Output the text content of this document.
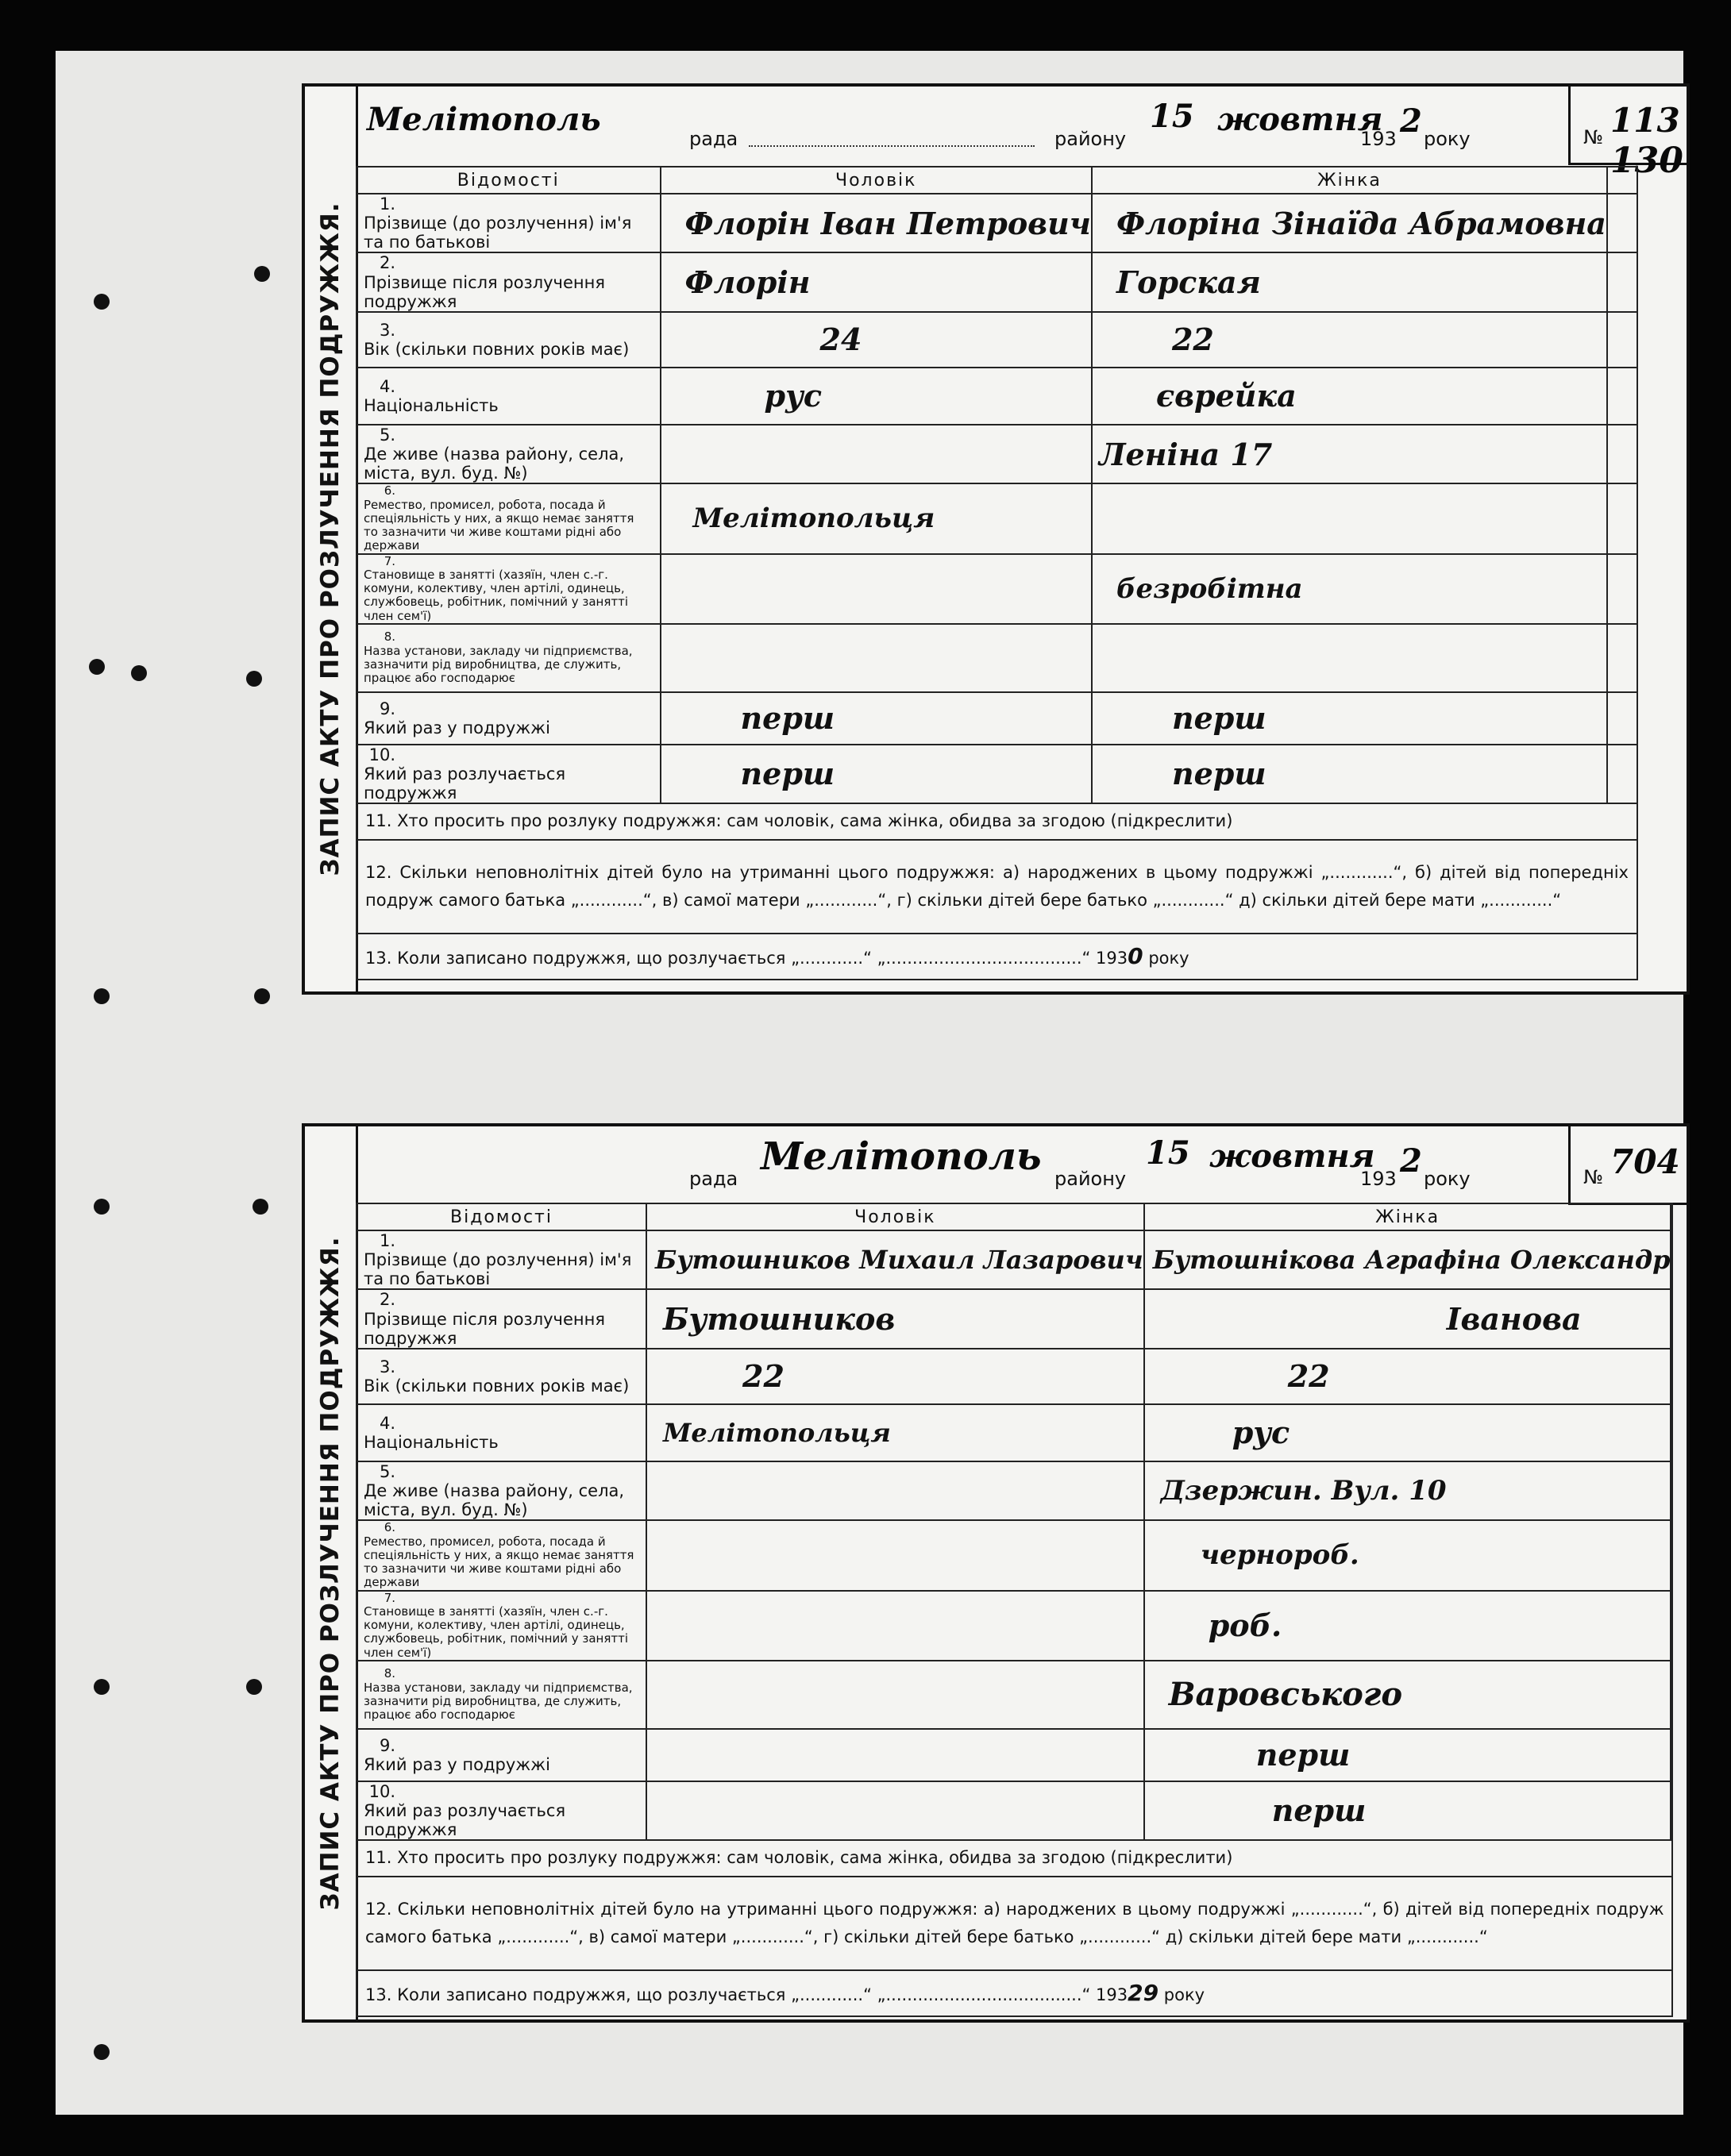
ЗАПИС АКТУ ПРО РОЗЛУЧЕННЯ ПОДРУЖЖЯ.
Мелітополь
рада	району
15 жовтня
193 2 року	№ 113
130
Відомості	Чоловік	Жінка	
1.Прізвище (до розлучення) ім'я та по батькові	Флорін Іван Петрович	Флоріна Зінаїда Абрамовна	
2.Прізвище після розлучення подружжя	Флорін	Горская	
3.Вік (скільки повних років має)	24	22	
4.Національність	рус	єврейка	
5.Де живе (назва району, села, міста, вул. буд. №)		Леніна 17	
6.Ремество, промисел, робота, посада й спеціяльність у них, а якщо немає заняття то зазначити чи живе коштами рідні або держави	Мелітопольця		
7.Становище в занятті (хазяїн, член с.-г. комуни, колективу, член артілі, одинець, службовець, робітник, помічний у занятті член сем'ї)		безробітна	
8.Назва установи, закладу чи підприємства, зазначити рід виробництва, де служить, працює або господарює			
9.Який раз у подружжі	перш	перш	
10.Який раз розлучається подружжя	перш	перш	
11. Хто просить про розлуку подружжя: сам чоловік, сама жінка, обидва за згодою (підкреслити)			
12. Скільки неповнолітніх дітей було на утриманні цього подружжя: а) народжених в цьому подружжі „............“, б) дітей від попередніх подруж самого батька „............“, в) самої матери „............“, г) скільки дітей бере батько „............“ д) скільки дітей бере мати „............“			
13. Коли записано подружжя, що розлучається „............“ „.....................................“ 1930 року			
ЗАПИС АКТУ ПРО РОЗЛУЧЕННЯ ПОДРУЖЖЯ.
рада Мелітополь району
15 жовтня
193 2 року	№ 704
Відомості	Чоловік	Жінка	
1.Прізвище (до розлучення) ім'я та по батькові	Бутошников Михаил Лазарович	Бутошнікова Аграфіна Олександр	
2.Прізвище після розлучення подружжя	Бутошников	Іванова	
3.Вік (скільки повних років має)	22	22	
4.Національність	Мелітопольця	рус	
5.Де живе (назва району, села, міста, вул. буд. №)		Дзержин. Вул. 10	
6.Ремество, промисел, робота, посада й спеціяльність у них, а якщо немає заняття то зазначити чи живе коштами рідні або держави		чернороб.	
7.Становище в занятті (хазяїн, член с.-г. комуни, колективу, член артілі, одинець, службовець, робітник, помічний у занятті член сем'ї)		роб.	
8.Назва установи, закладу чи підприємства, зазначити рід виробництва, де служить, працює або господарює		Варовського	
9.Який раз у подружжі		перш	
10.Який раз розлучається подружжя		перш	
11. Хто просить про розлуку подружжя: сам чоловік, сама жінка, обидва за згодою (підкреслити)			
12. Скільки неповнолітніх дітей було на утриманні цього подружжя: а) народжених в цьому подружжі „............“, б) дітей від попередніх подруж самого батька „............“, в) самої матери „............“, г) скільки дітей бере батько „............“ д) скільки дітей бере мати „............“			
13. Коли записано подружжя, що розлучається „............“ „.....................................“ 19329 року			
